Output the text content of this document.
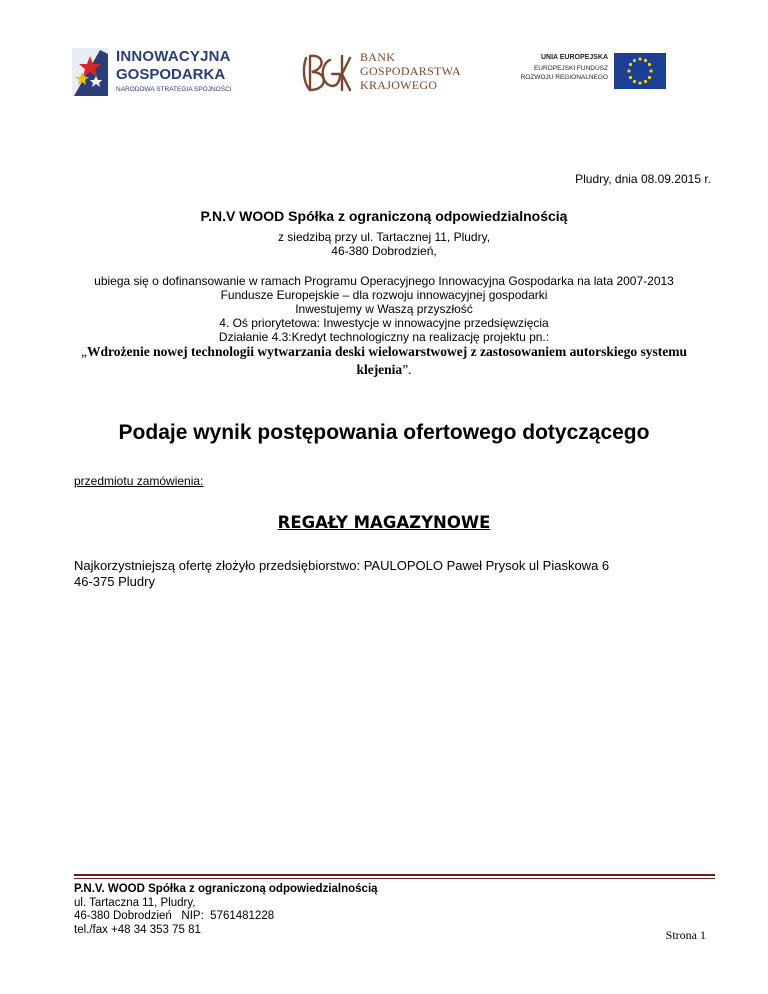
INNOWACYJNA
GOSPODARKA
NARODOWA STRATEGIA SPÓJNOŚCI
BANK
GOSPODARSTWA
KRAJOWEGO
UNIA EUROPEJSKA
EUROPEJSKI FUNDUSZ
ROZWOJU REGIONALNEGO
Pludry, dnia 08.09.2015 r.
P.N.V WOOD Spółka z ograniczoną odpowiedzialnością
z siedzibą przy ul. Tartacznej 11, Pludry,
46-380 Dobrodzień,
ubiega się o dofinansowanie w ramach Programu Operacyjnego Innowacyjna Gospodarka na lata 2007-2013
Fundusze Europejskie – dla rozwoju innowacyjnej gospodarki
Inwestujemy w Waszą przyszłość
4. Oś priorytetowa: Inwestycje w innowacyjne przedsięwzięcia
Działanie 4.3:Kredyt technologiczny na realizację projektu pn.:
„Wdrożenie nowej technologii wytwarzania deski wielowarstwowej z zastosowaniem autorskiego systemu
klejenia”.
Podaje wynik postępowania ofertowego dotyczącego
przedmiotu zamówienia:
REGAŁY MAGAZYNOWE
Najkorzystniejszą ofertę złożyło przedsiębiorstwo: PAULOPOLO Paweł Prysok ul Piaskowa 6
46-375 Pludry
P.N.V. WOOD Spółka z ograniczoną odpowiedzialnością
ul. Tartaczna 11, Pludry,
46-380 Dobrodzień   NIP:  5761481228
tel./fax +48 34 353 75 81	Strona 1
